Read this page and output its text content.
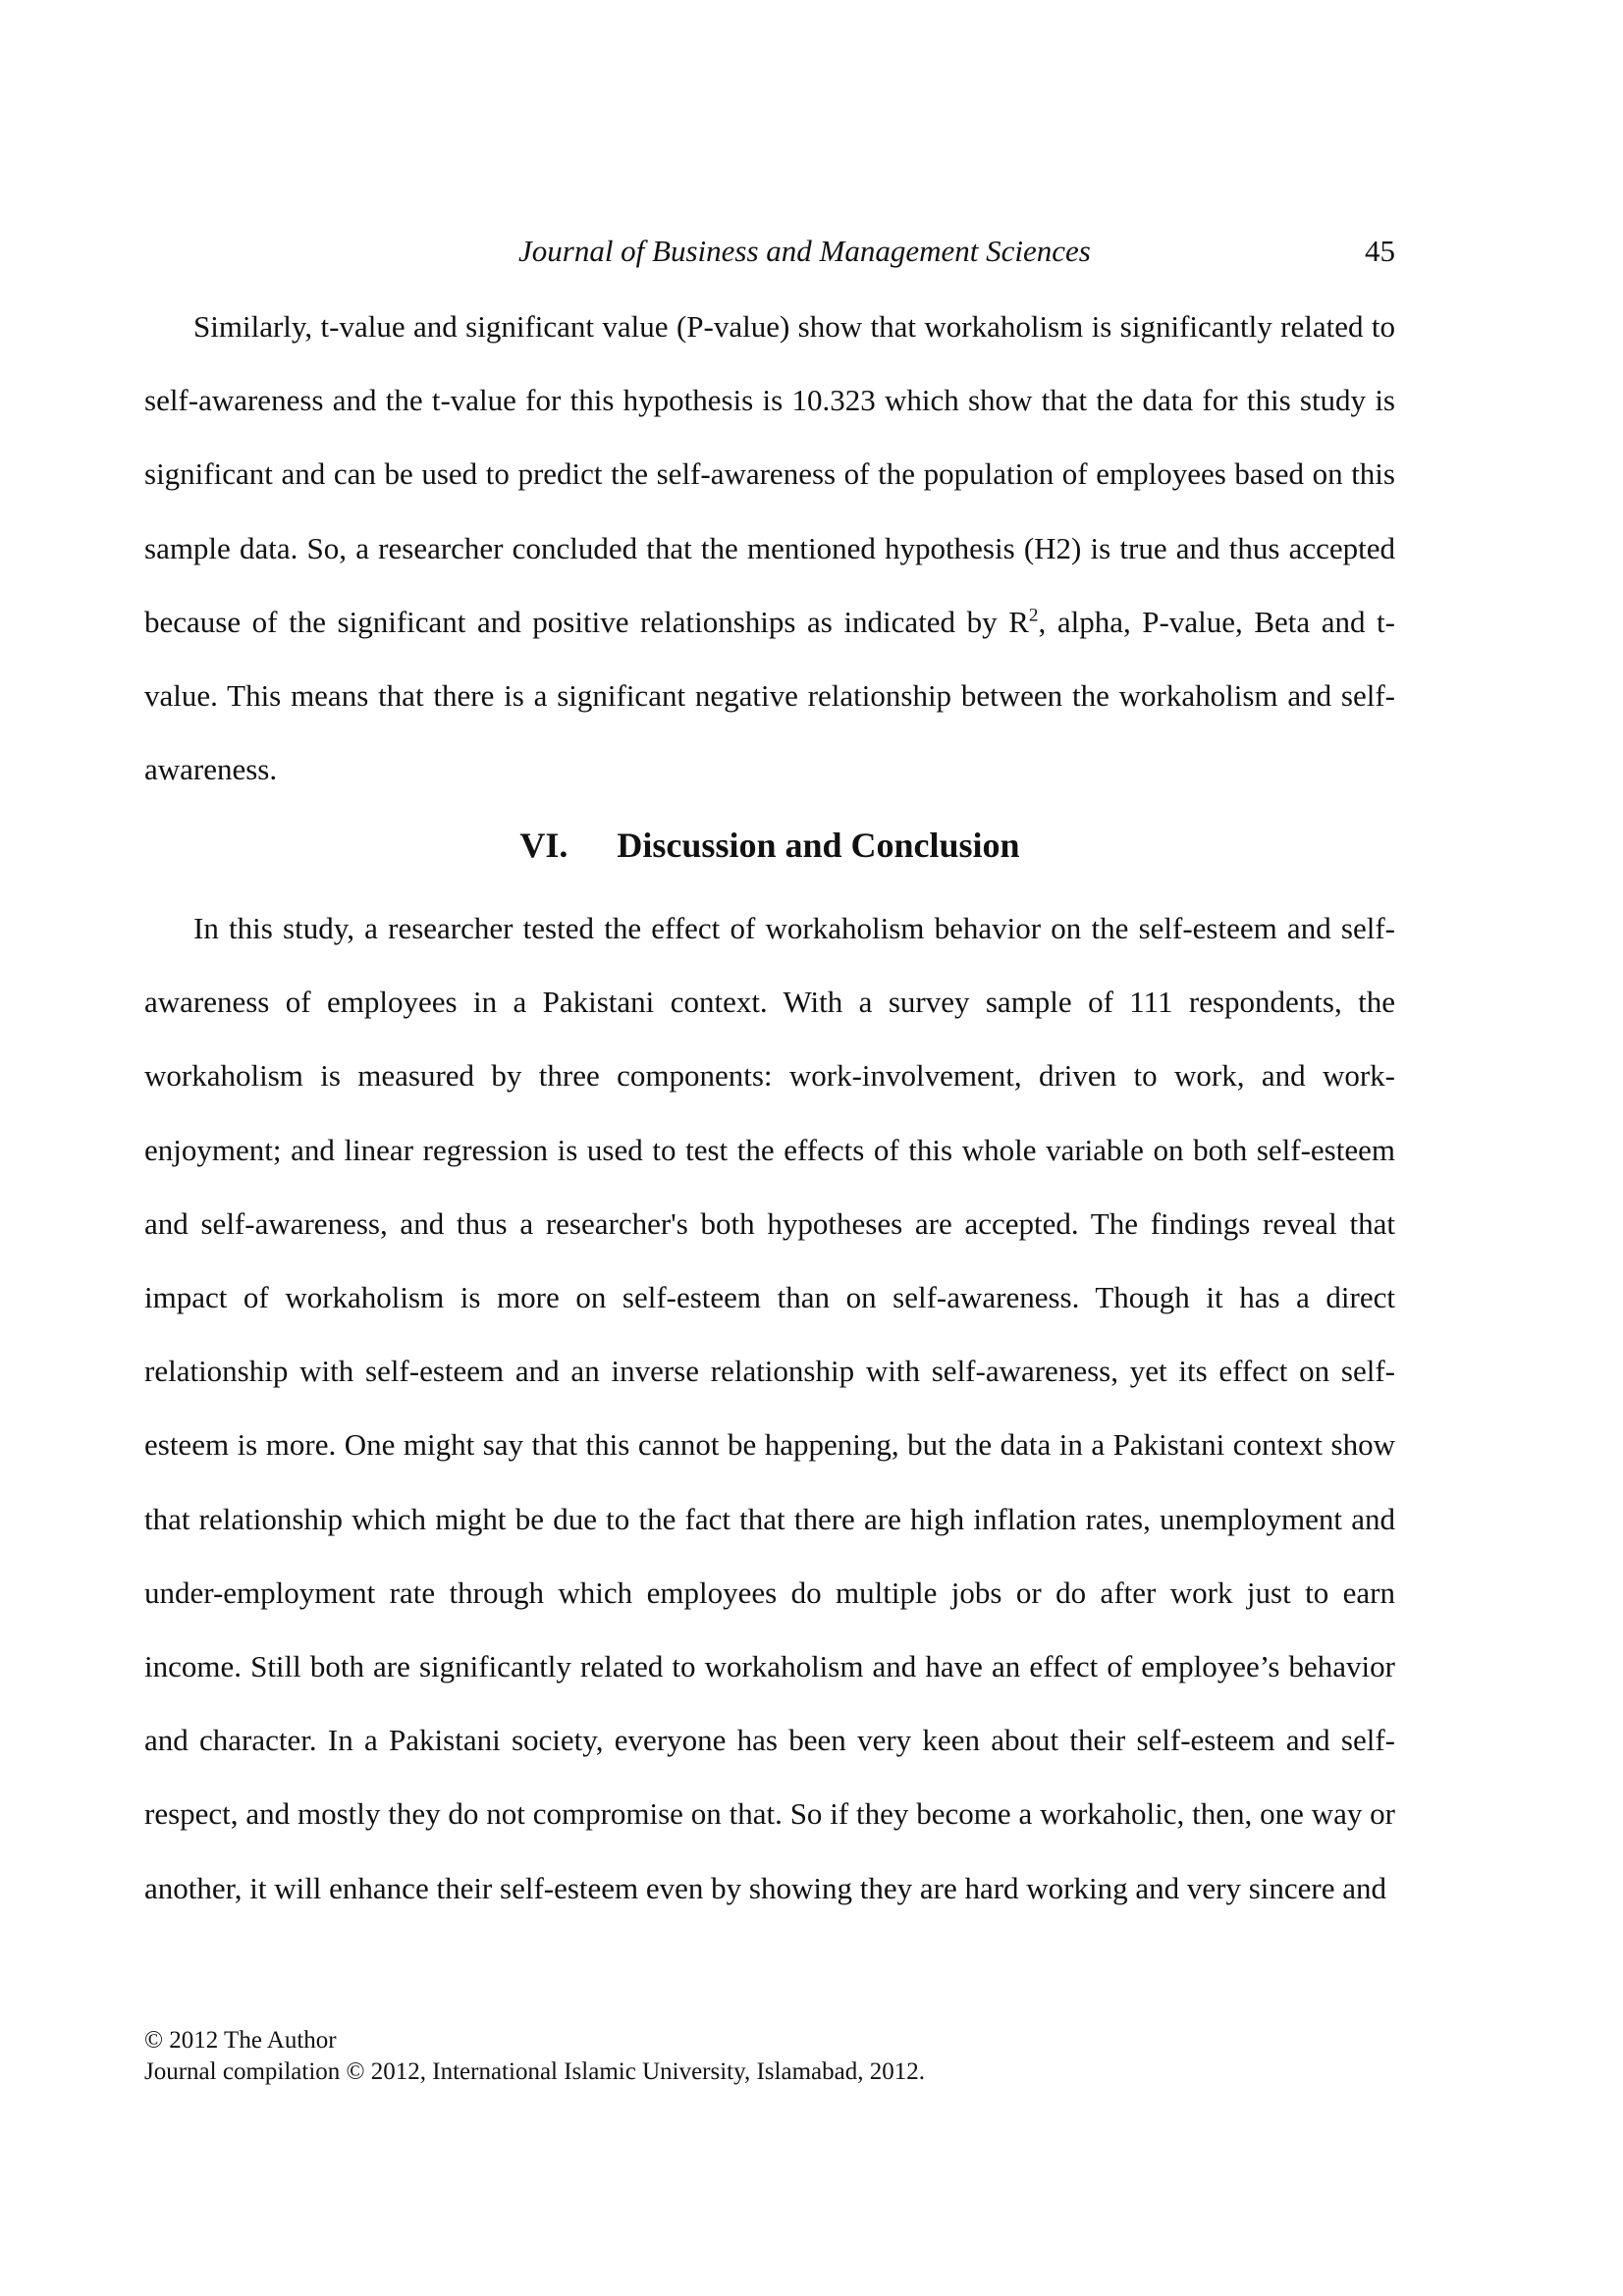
Journal of Business and Management Sciences	45

Similarly, t-value and significant value (P-value) show that workaholism is significantly related to self-awareness and the t-value for this hypothesis is 10.323 which show that the data for this study is significant and can be used to predict the self-awareness of the population of employees based on this sample data. So, a researcher concluded that the mentioned hypothesis (H2) is true and thus accepted because of the significant and positive relationships as indicated by $R^2$, alpha, P-value, Beta and t-value. This means that there is a significant negative relationship between the workaholism and self-awareness.

VI. Discussion and Conclusion

In this study, a researcher tested the effect of workaholism behavior on the self-esteem and self-awareness of employees in a Pakistani context. With a survey sample of 111 respondents, the workaholism is measured by three components: work-involvement, driven to work, and work-enjoyment; and linear regression is used to test the effects of this whole variable on both self-esteem and self-awareness, and thus a researcher's both hypotheses are accepted. The findings reveal that impact of workaholism is more on self-esteem than on self-awareness. Though it has a direct relationship with self-esteem and an inverse relationship with self-awareness, yet its effect on self-esteem is more. One might say that this cannot be happening, but the data in a Pakistani context show that relationship which might be due to the fact that there are high inflation rates, unemployment and under-employment rate through which employees do multiple jobs or do after work just to earn income. Still both are significantly related to workaholism and have an effect of employee’s behavior and character. In a Pakistani society, everyone has been very keen about their self-esteem and self-respect, and mostly they do not compromise on that. So if they become a workaholic, then, one way or another, it will enhance their self-esteem even by showing they are hard working and very sincere and

© 2012 The Author
Journal compilation © 2012, International Islamic University, Islamabad, 2012.
